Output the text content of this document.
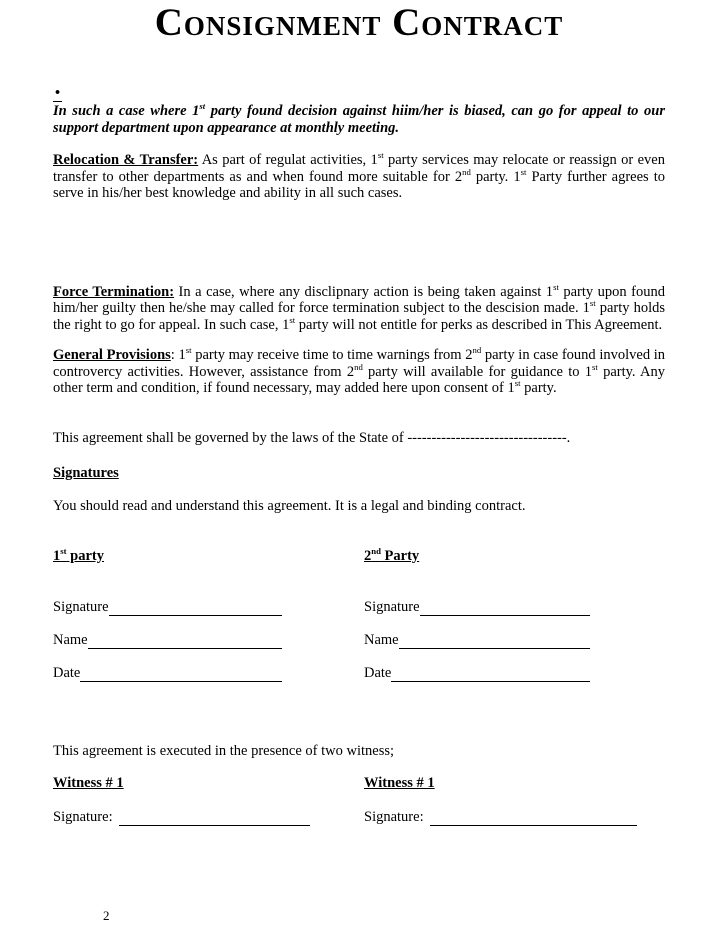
Consignment Contract
•

In such a case where 1st party found decision against hiim/her is biased, can go for appeal to our support department upon appearance at monthly meeting.

Relocation & Transfer: As part of regulat activities, 1st party services may relocate or reassign or even transfer to other departments as and when found more suitable for 2nd party. 1st Party further agrees to serve in his/her best knowledge and ability in all such cases.

Force Termination: In a case, where any disclipnary action is being taken against 1st party upon found him/her guilty then he/she may called for force termination subject to the descision made. 1st party holds the right to go for appeal. In such case, 1st party will not entitle for perks as described in This Agreement.

General Provisions: 1st party may receive time to time warnings from 2nd party in case found involved in controvercy activities. However, assistance from 2nd party will available for guidance to 1st party. Any other term and condition, if found necessary, may added here upon consent of 1st party.

This agreement shall be governed by the laws of the State of ---------------------------------.

Signatures

You should read and understand this agreement. It is a legal and binding contract.

1st party
Signature
Name
Date
2nd Party
Signature
Name
Date

This agreement is executed in the presence of two witness;

Witness # 1
Signature:
Witness # 1
Signature:
2
